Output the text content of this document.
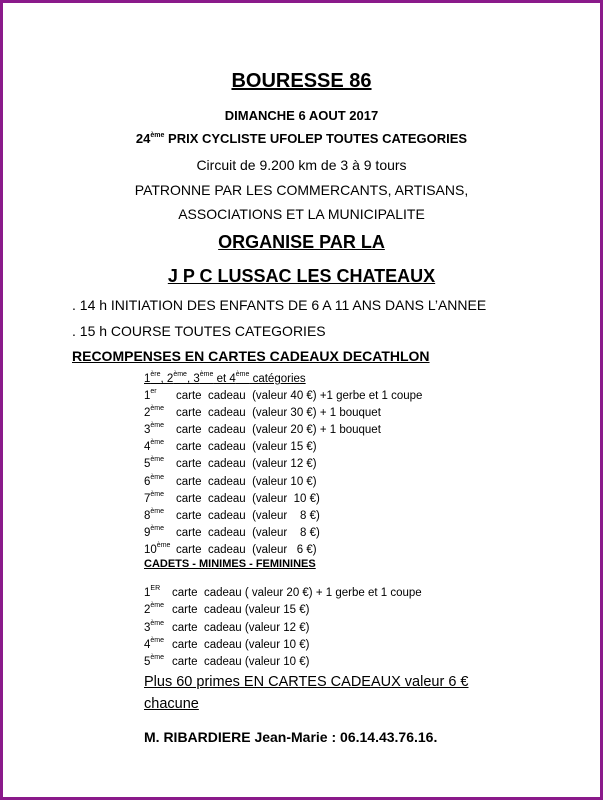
BOURESSE 86
DIMANCHE 6 AOUT 2017
24ème PRIX CYCLISTE UFOLEP TOUTES CATEGORIES
Circuit de 9.200 km de 3 à 9 tours
PATRONNE PAR LES COMMERCANTS, ARTISANS,
ASSOCIATIONS ET LA MUNICIPALITE
ORGANISE PAR LA
J P C LUSSAC LES CHATEAUX
. 14 h INITIATION DES ENFANTS DE 6 A 11 ANS DANS L’ANNEE
. 15 h COURSE TOUTES CATEGORIES
RECOMPENSES EN CARTES CADEAUX DECATHLON
1ère, 2ème, 3ème et 4ème catégories
1er carte  cadeau  (valeur 40 €) +1 gerbe et 1 coupe
2ème carte  cadeau  (valeur 30 €) + 1 bouquet
3ème carte  cadeau  (valeur 20 €) + 1 bouquet
4ème carte  cadeau  (valeur 15 €)
5ème carte  cadeau  (valeur 12 €)
6ème carte  cadeau  (valeur 10 €)
7ème carte  cadeau  (valeur  10 €)
8ème carte  cadeau  (valeur    8 €)
9ème carte  cadeau  (valeur    8 €)
10ème carte  cadeau  (valeur   6 €)
CADETS - MINIMES - FEMININES
1ER carte  cadeau ( valeur 20 €) + 1 gerbe et 1 coupe
2ème carte  cadeau (valeur 15 €)
3ème carte  cadeau (valeur 12 €)
4ème carte  cadeau (valeur 10 €)
5ème carte  cadeau (valeur 10 €)
Plus 60 primes EN CARTES CADEAUX valeur 6 €
chacune
M. RIBARDIERE Jean-Marie : 06.14.43.76.16.
